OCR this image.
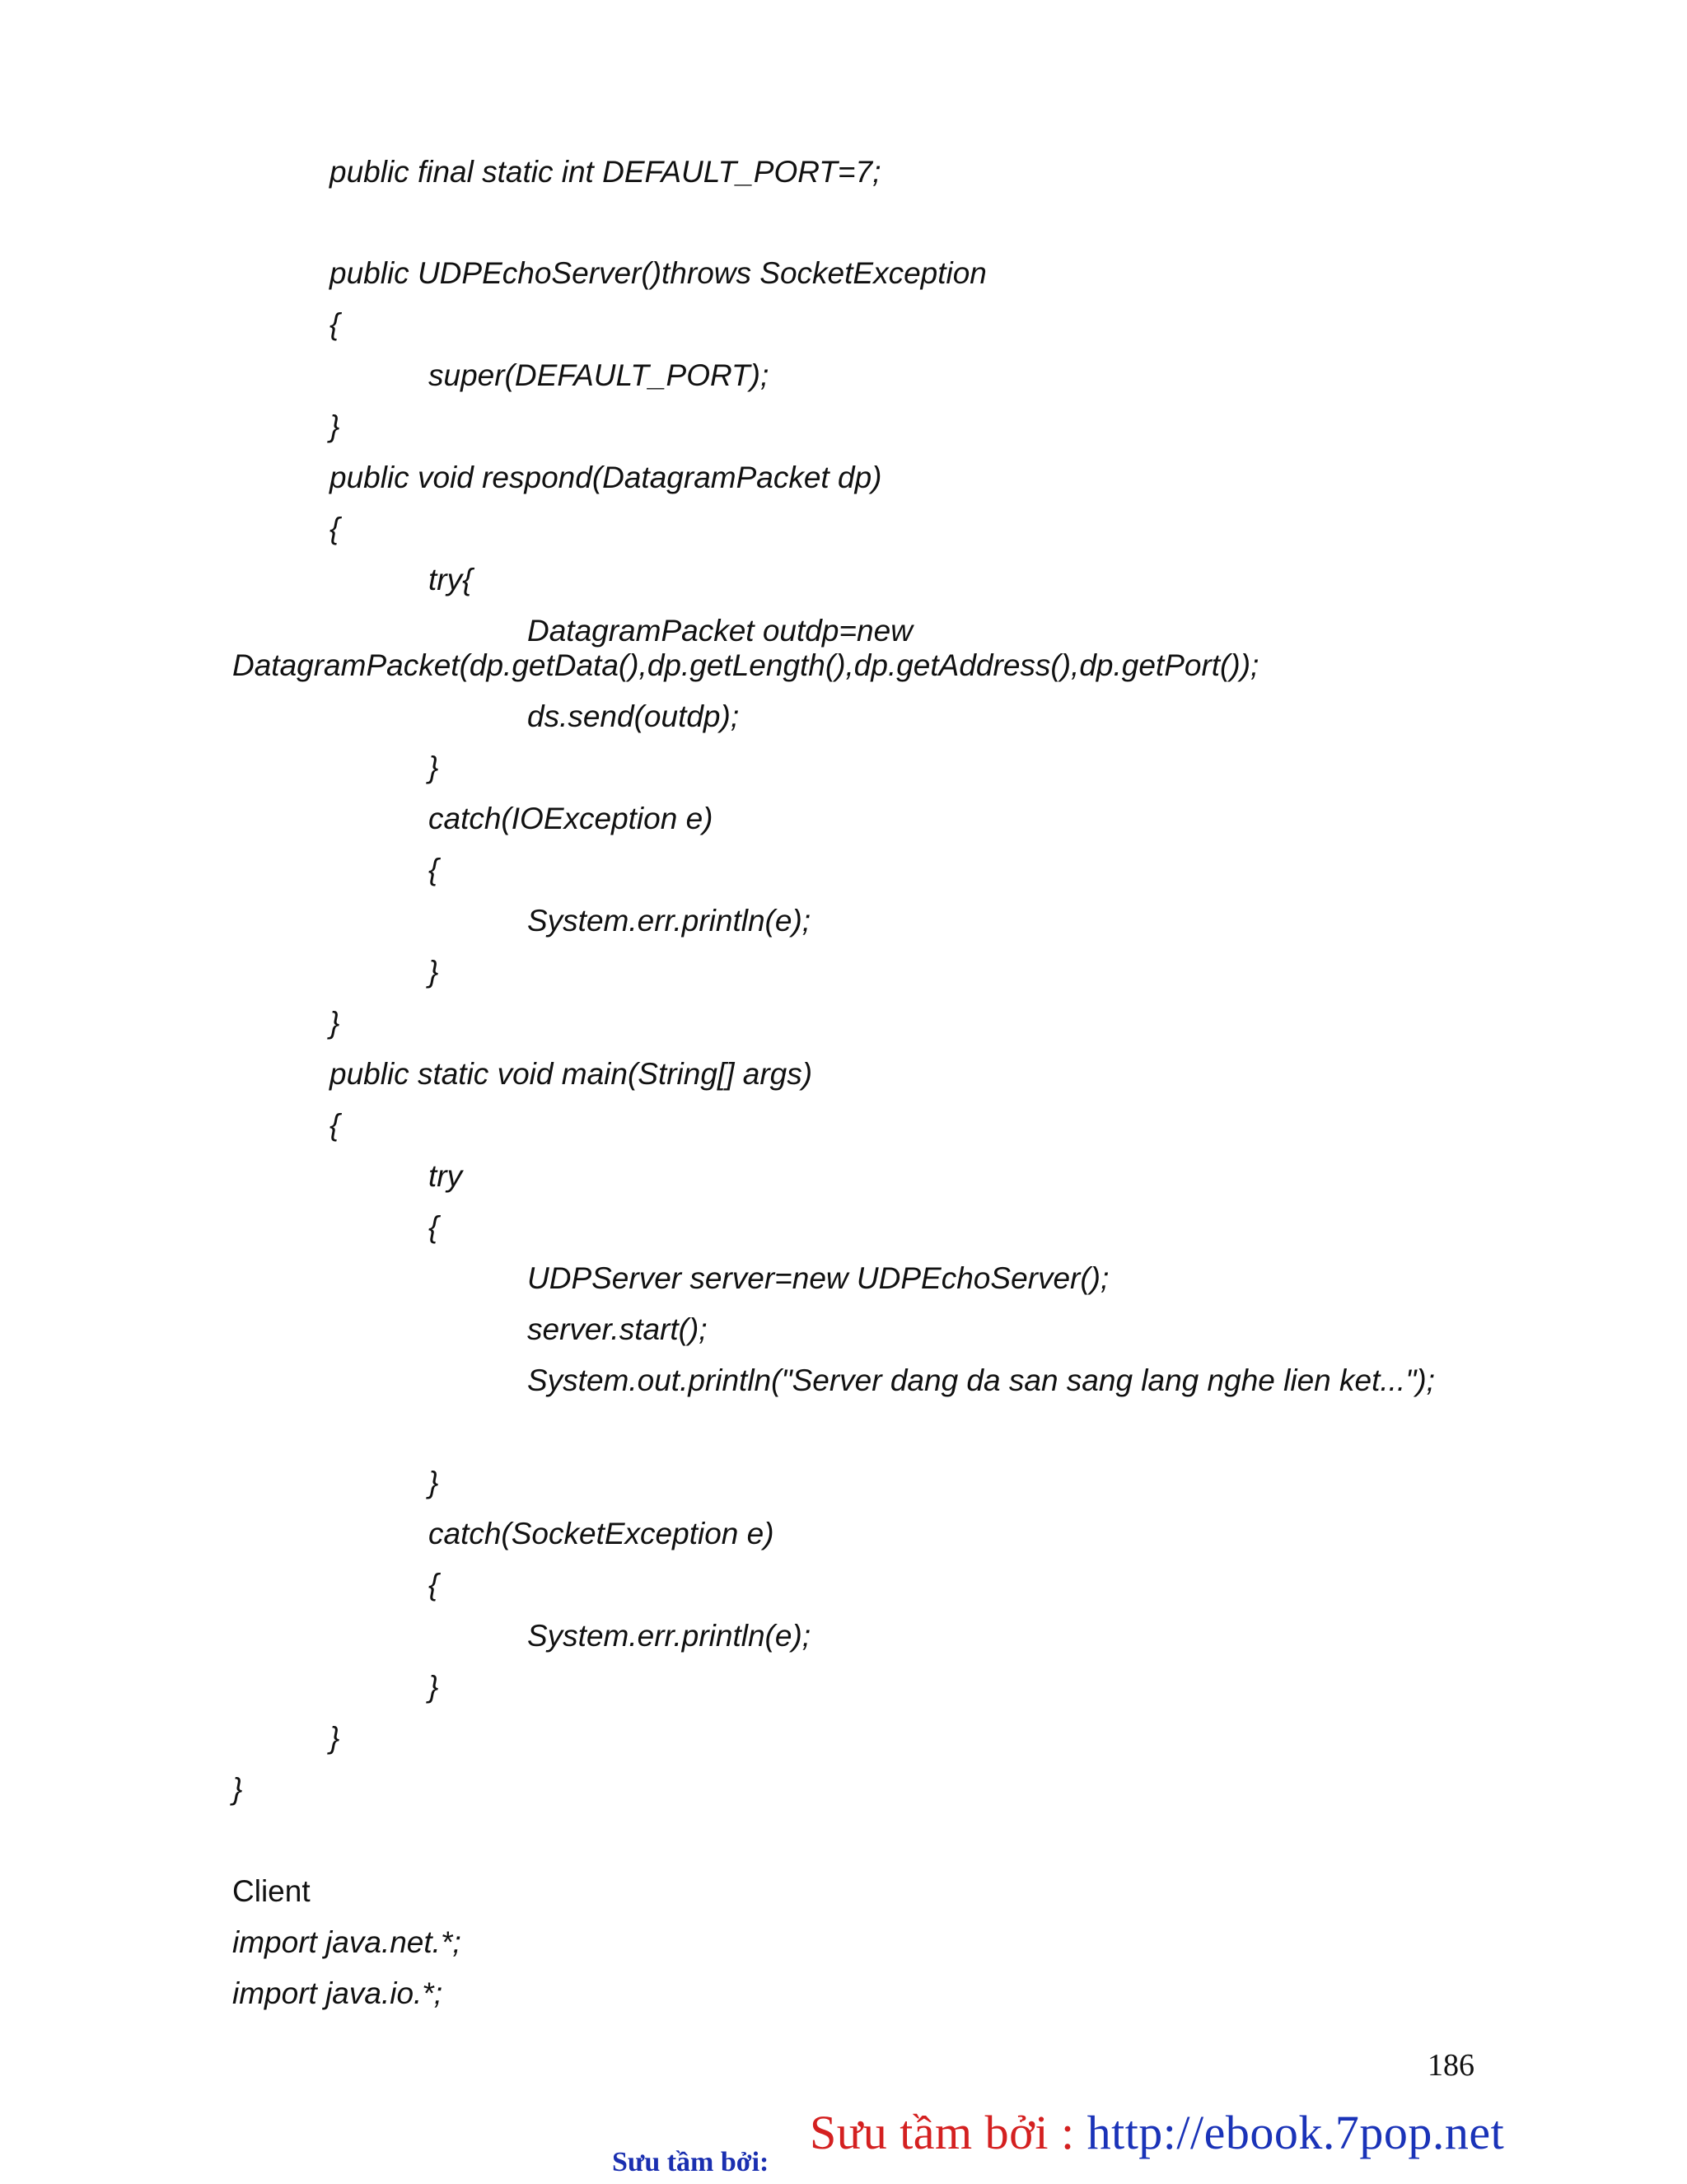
public final static int DEFAULT_PORT=7;
public UDPEchoServer()throws SocketException
{
super(DEFAULT_PORT);
}
public void respond(DatagramPacket dp)
{
try{
DatagramPacket outdp=new
DatagramPacket(dp.getData(),dp.getLength(),dp.getAddress(),dp.getPort());
ds.send(outdp);
}
catch(IOException e)
{
System.err.println(e);
}
}
public static void main(String[] args)
{
try
{
UDPServer server=new UDPEchoServer();
server.start();
System.out.println("Server dang da san sang lang nghe lien ket...");
}
catch(SocketException e)
{
System.err.println(e);
}
}
}
Client
import java.net.*;
import java.io.*;
186
Sưu tầm bởi : http://ebook.7pop.net
Sưu tầm bởi:
